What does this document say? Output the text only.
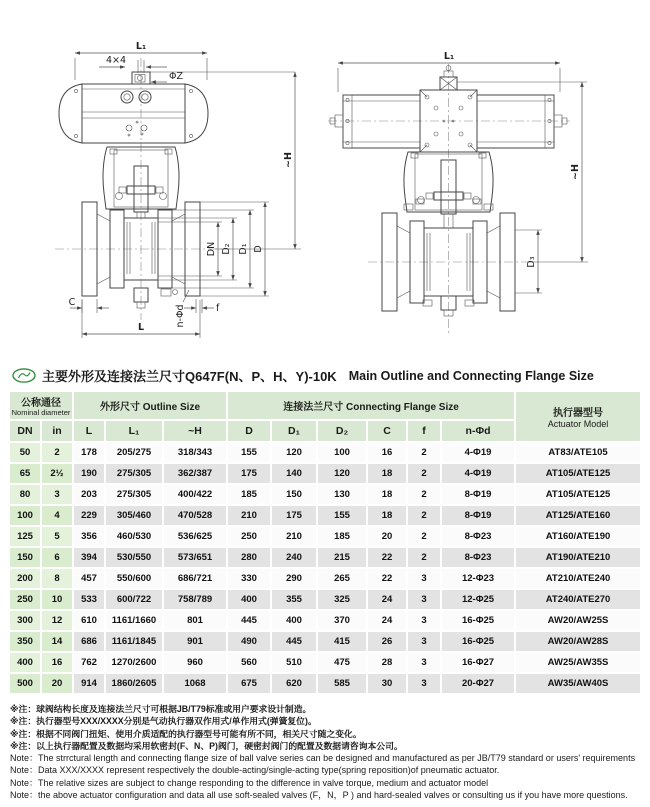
L₁
4×4
ΦZ
~H
DN D₂ D₁ D
C
f
n-Φd
L
L₁
~H
D₃
主要外形及连接法兰尺寸Q647F(N、P、H、Y)-10K Main Outline and Connecting Flange Size
公称通径
Nominal diameter		外形尺寸 Outline Size			连接法兰尺寸 Connecting Flange Size						执行器型号
Actuator Model

DN	in	L	L₁	~H	D	D₁	D₂	C	f	n-Φd	
50	2	178	205/275	318/343	155	120	100	16	2	4-Φ19	AT83/ATE105
65	2½	190	275/305	362/387	175	140	120	18	2	4-Φ19	AT105/ATE125
80	3	203	275/305	400/422	185	150	130	18	2	8-Φ19	AT105/ATE125
100	4	229	305/460	470/528	210	175	155	18	2	8-Φ19	AT125/ATE160
125	5	356	460/530	536/625	250	210	185	20	2	8-Φ23	AT160/ATE190
150	6	394	530/550	573/651	280	240	215	22	2	8-Φ23	AT190/ATE210
200	8	457	550/600	686/721	330	290	265	22	3	12-Φ23	AT210/ATE240
250	10	533	600/722	758/789	400	355	325	24	3	12-Φ25	AT240/ATE270
300	12	610	1161/1660	801	445	400	370	24	3	16-Φ25	AW20/AW25S
350	14	686	1161/1845	901	490	445	415	26	3	16-Φ25	AW20/AW28S
400	16	762	1270/2600	960	560	510	475	28	3	16-Φ27	AW25/AW35S
500	20	914	1860/2605	1068	675	620	585	30	3	20-Φ27	AW35/AW40S
※注：球阀结构长度及连接法兰尺寸可根据JB/T79标准或用户要求设计制造。
※注：执行器型号XXX/XXXX分别是气动执行器双作用式/单作用式(弹簧复位)。
※注：根据不同阀门扭矩、使用介质适配的执行器型号可能有所不同，相关尺寸随之变化。
※注：以上执行器配置及数据均采用软密封(F、N、P)阀门，硬密封阀门的配置及数据请咨询本公司。
Note：The strrctural length and connecting flange size of ball valve series can be designed and manufactured as per JB/T79 standard or users' requirements
Note：Data XXX/XXXX represent respectively the double-acting/single-acting type(spring reposition)of pneumatic actuator.
Note：The relative sizes are subject to change responding to the difference in valve torque, medium and actuator model
Note：the above actuator configuration and data all use soft-sealed valves (F，N，P ) and hard-sealed valves or consulting us if you have more questions.
